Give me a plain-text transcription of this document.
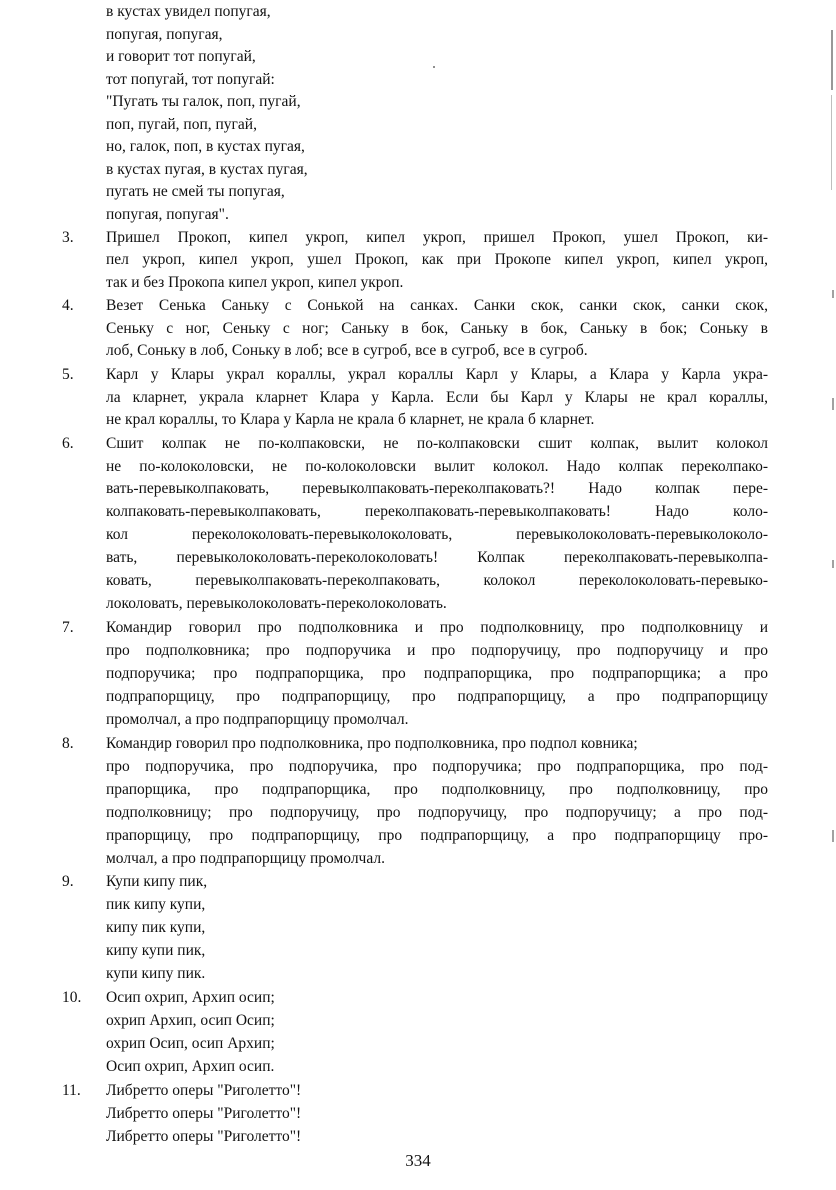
в кустах увидел попугая,
попугая, попугая,
и говорит тот попугай,
тот попугай, тот попугай:
"Пугать ты галок, поп, пугай,
поп, пугай, поп, пугай,
но, галок, поп, в кустах пугая,
в кустах пугая, в кустах пугая,
пугать не смей ты попугая,
попугая, попугая".
3. Пришел Прокоп, кипел укроп, кипел укроп, пришел Прокоп, ушел Прокоп, ки-
пел укроп, кипел укроп, ушел Прокоп, как при Прокопе кипел укроп, кипел укроп,
так и без Прокопа кипел укроп, кипел укроп.
4. Везет Сенька Саньку с Сонькой на санках. Санки скок, санки скок, санки скок,
Сеньку с ног, Сеньку с ног; Саньку в бок, Саньку в бок, Саньку в бок; Соньку в
лоб, Соньку в лоб, Соньку в лоб; все в сугроб, все в сугроб, все в сугроб.
5. Карл у Клары украл кораллы, украл кораллы Карл у Клары, а Клара у Карла укра-
ла кларнет, украла кларнет Клара у Карла. Если бы Карл у Клары не крал кораллы,
не крал кораллы, то Клара у Карла не крала б кларнет, не крала б кларнет.
6. Сшит колпак не по-колпаковски, не по-колпаковски сшит колпак, вылит колокол
не по-колоколовски, не по-колоколовски вылит колокол. Надо колпак переколпако-
вать-перевыколпаковать, перевыколпаковать-переколпаковать?! Надо колпак пере-
колпаковать-перевыколпаковать, переколпаковать-перевыколпаковать! Надо коло-
кол переколоколовать-перевыколоколовать, перевыколоколовать-перевыколоколо-
вать, перевыколоколовать-переколоколовать! Колпак переколпаковать-перевыколпа-
ковать, перевыколпаковать-переколпаковать, колокол переколоколовать-перевыко-
локоловать, перевыколоколовать-переколоколовать.
7. Командир говорил про подполковника и про подполковницу, про подполковницу и
про подполковника; про подпоручика и про подпоручицу, про подпоручицу и про
подпоручика; про подпрапорщика, про подпрапорщика, про подпрапорщика; а про
подпрапорщицу, про подпрапорщицу, про подпрапорщицу, а про подпрапорщицу
промолчал, а про подпрапорщицу промолчал.
8. Командир говорил про подполковника, про подполковника, про подпол ковника;
про подпоручика, про подпоручика, про подпоручика; про подпрапорщика, про под-
прапорщика, про подпрапорщика, про подполковницу, про подполковницу, про
подполковницу; про подпоручицу, про подпоручицу, про подпоручицу; а про под-
прапорщицу, про подпрапорщицу, про подпрапорщицу, а про подпрапорщицу про-
молчал, а про подпрапорщицу промолчал.
9. Купи кипу пик,
пик кипу купи,
кипу пик купи,
кипу купи пик,
купи кипу пик.
10. Осип охрип, Архип осип;
охрип Архип, осип Осип;
охрип Осип, осип Архип;
Осип охрип, Архип осип.
11. Либретто оперы "Риголетто"!
Либретто оперы "Риголетто"!
Либретто оперы "Риголетто"!
334
